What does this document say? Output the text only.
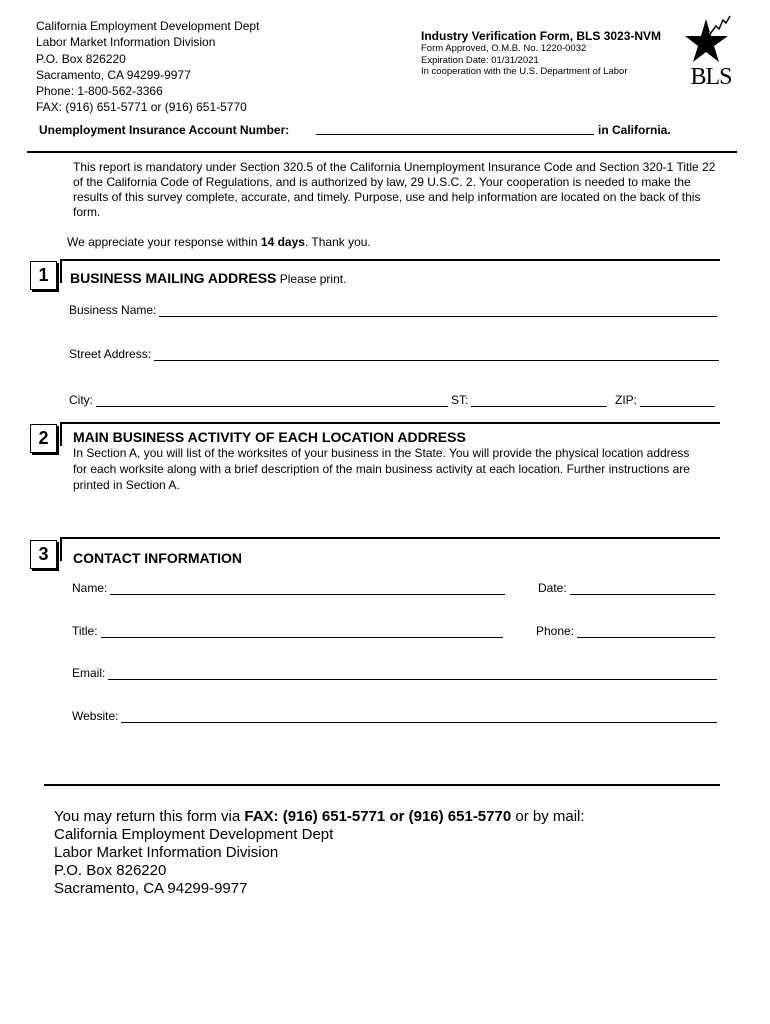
California Employment Development Dept
Labor Market Information Division
P.O. Box 826220
Sacramento, CA 94299-9977
Phone: 1-800-562-3366
FAX: (916) 651-5771 or (916) 651-5770
Industry Verification Form, BLS 3023-NVM
Form Approved, O.M.B. No. 1220-0032
Expiration Date: 01/31/2021
In cooperation with the U.S. Department of Labor	BLS
Unemployment Insurance Account Number:	in California.
This report is mandatory under Section 320.5 of the California Unemployment Insurance Code and Section 320-1 Title 22 of the California Code of Regulations, and is authorized by law, 29 U.S.C. 2. Your cooperation is needed to make the results of this survey complete, accurate, and timely. Purpose, use and help information are located on the back of this form.
We appreciate your response within 14 days. Thank you.
1	BUSINESS MAILING ADDRESS Please print.
Business Name:
Street Address:
City:	ST:	ZIP:
2	MAIN BUSINESS ACTIVITY OF EACH LOCATION ADDRESS
In Section A, you will list of the worksites of your business in the State. You will provide the physical location address for each worksite along with a brief description of the main business activity at each location. Further instructions are printed in Section A.
3	CONTACT INFORMATION
Name:	Date:
Title:	Phone:
Email:
Website:
You may return this form via FAX: (916) 651-5771 or (916) 651-5770 or by mail:
California Employment Development Dept
Labor Market Information Division
P.O. Box 826220
Sacramento, CA 94299-9977
